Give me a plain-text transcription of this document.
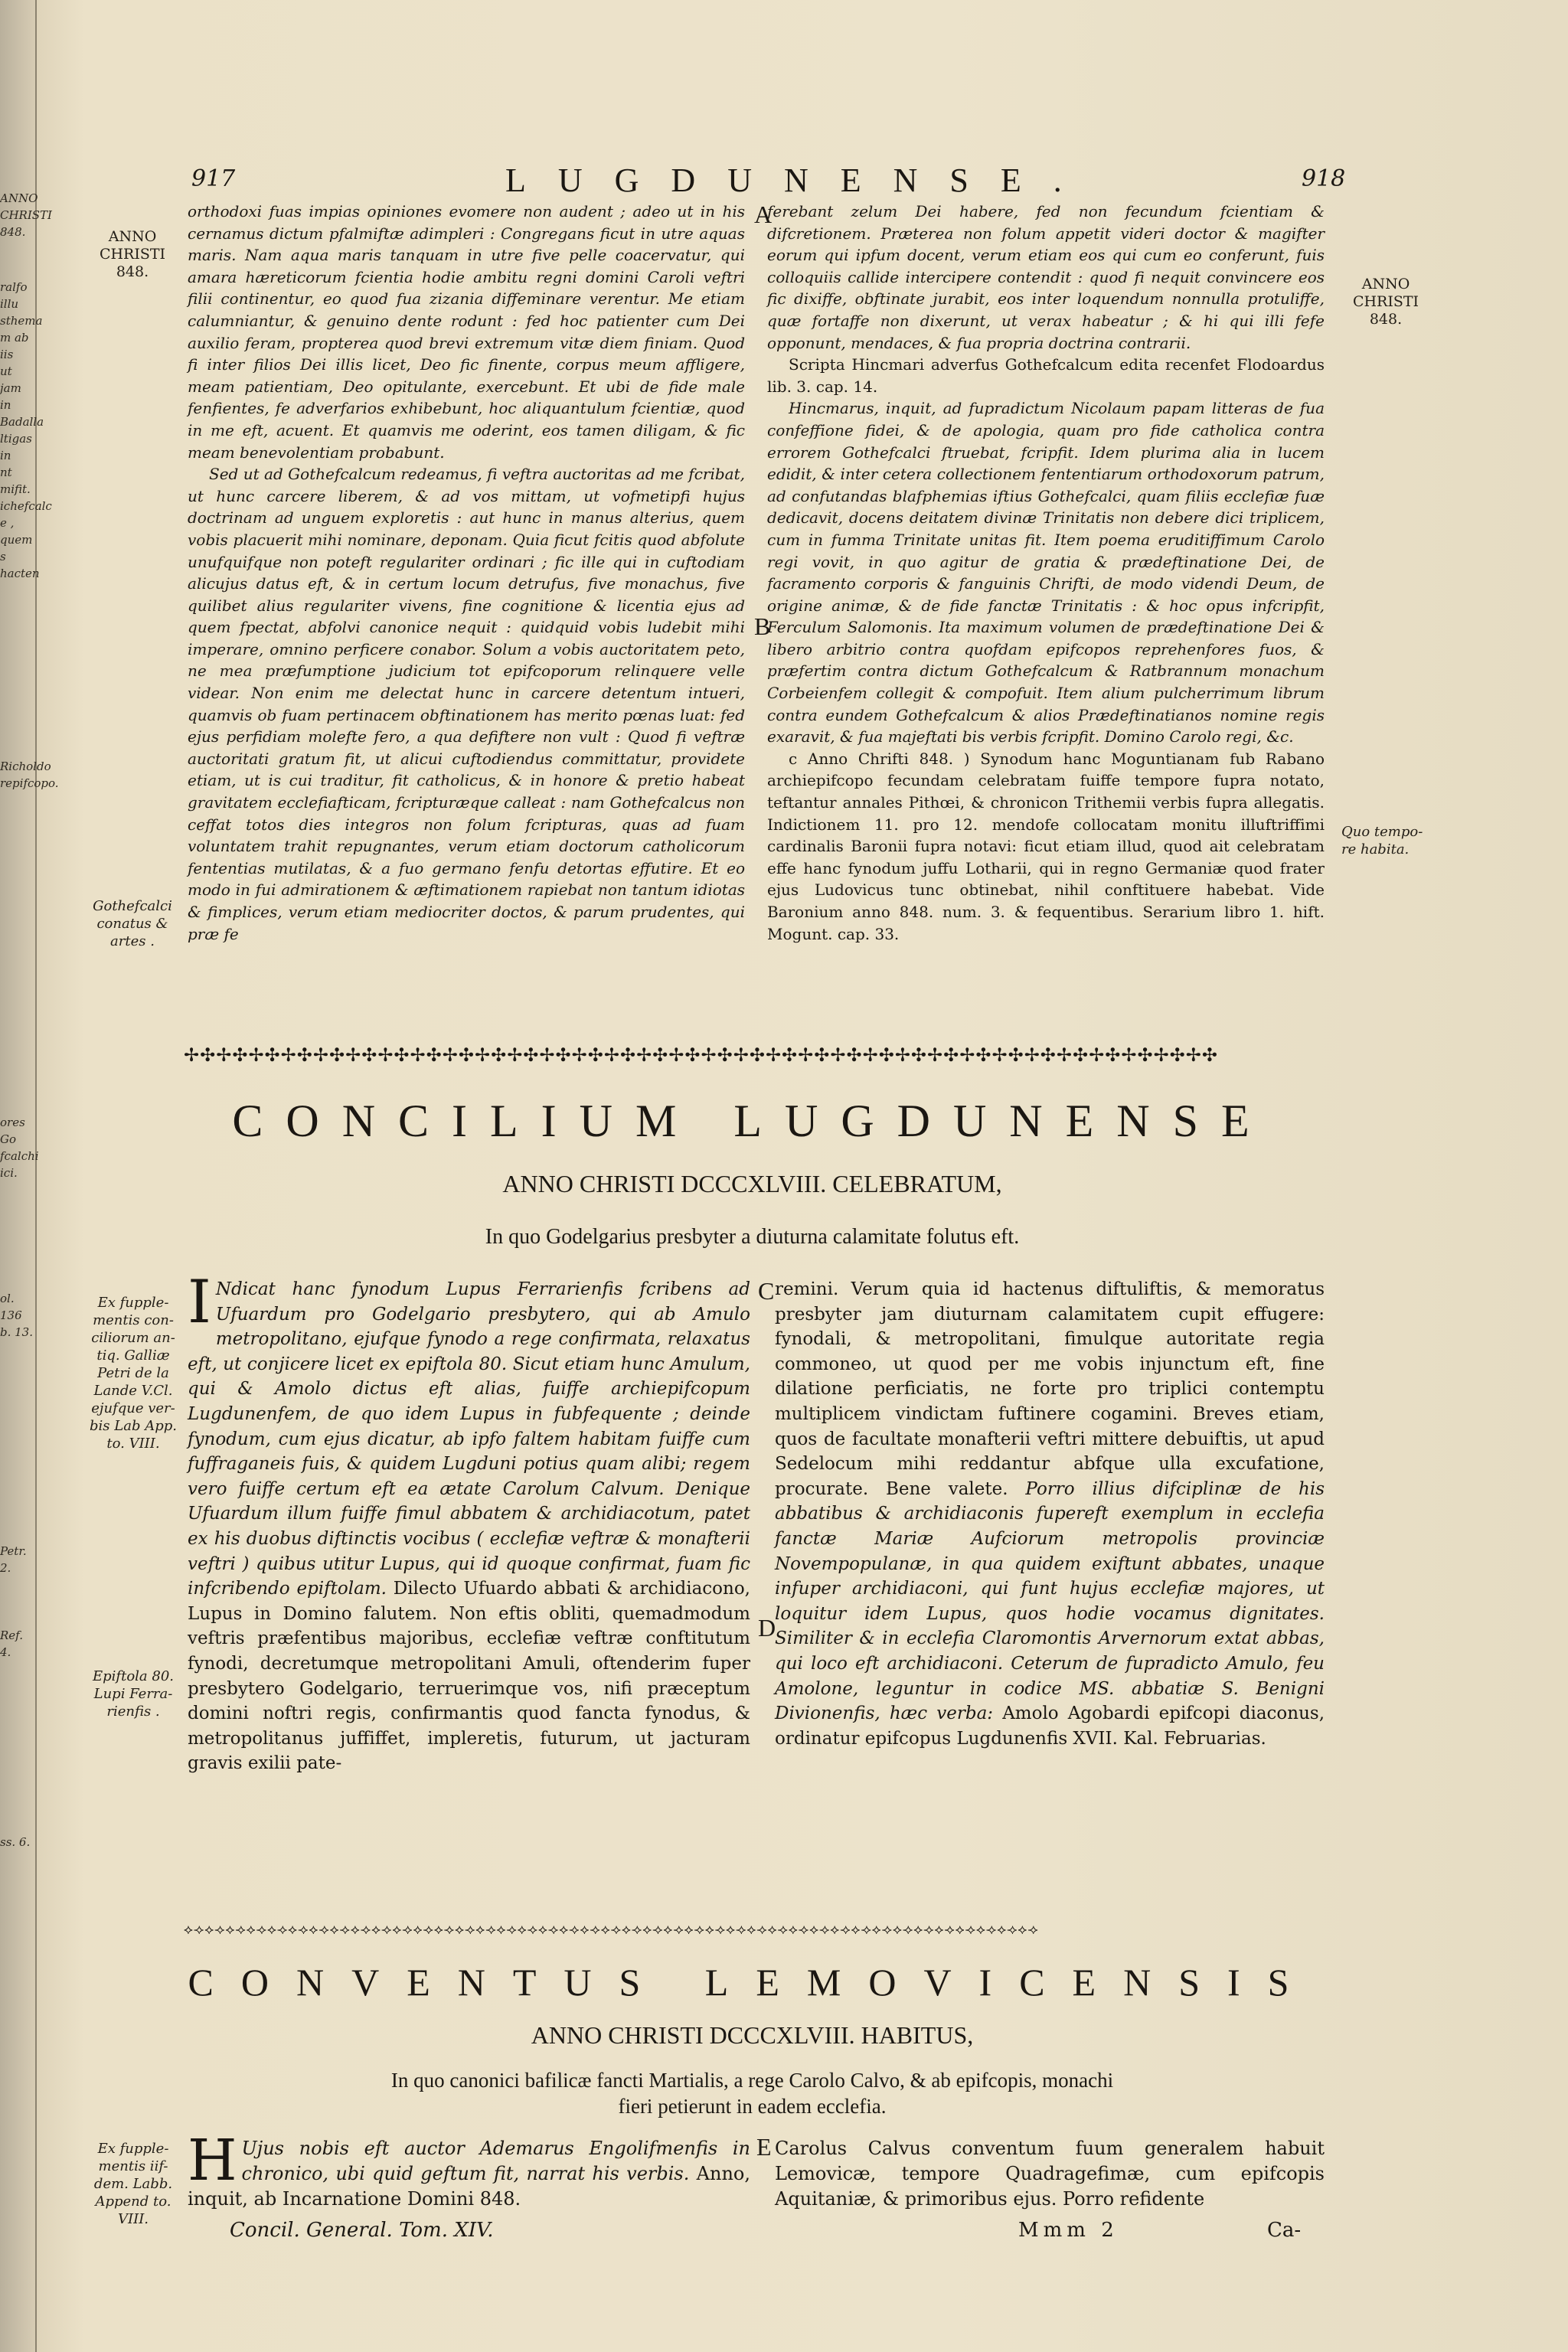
ANNO
CHRISTI
848.
ralfo illu
sthema
m ab iis
ut jam
in Badalla
ltigas in
nt mifit.
ichefcalc
e , quem
s hacten
Richoldo
repifcopo.
ores Go
fcalchi
ici.
ol. 136
b. 13.
Petr. 2.
Ref. 4.
ss. 6.
917	LUGDUNENSE.	918
ANNO
CHRISTI
848.
Gothefcalci
conatus &
artes .
ANNO
CHRISTI
848.
Quo tempo-
re habita.

orthodoxi fuas impias opiniones evomere non audent ; adeo ut in his cernamus dictum pfalmiftæ adimpleri : Congregans ficut in utre aquas maris. Nam aqua maris tanquam in utre five pelle coacervatur, qui amara hæreticorum fcientia hodie ambitu regni domini Caroli veftri filii continentur, eo quod fua zizania diffeminare verentur. Me etiam calumniantur, & genuino dente rodunt : fed hoc patienter cum Dei auxilio feram, propterea quod brevi extremum vitæ diem finiam. Quod fi inter filios Dei illis licet, Deo fic finente, corpus meum affligere, meam patientiam, Deo opitulante, exercebunt. Et ubi de fide male fenfientes, fe adverfarios exhibebunt, hoc aliquantulum fcientiæ, quod in me eft, acuent. Et quamvis me oderint, eos tamen diligam, & fic meam benevolentiam probabunt.

Sed ut ad Gothefcalcum redeamus, fi veftra auctoritas ad me fcribat, ut hunc carcere liberem, & ad vos mittam, ut vofmetipfi hujus doctrinam ad unguem exploretis : aut hunc in manus alterius, quem vobis placuerit mihi nominare, deponam. Quia ficut fcitis quod abfolute unufquifque non poteft regulariter ordinari ; fic ille qui in cuftodiam alicujus datus eft, & in certum locum detrufus, five monachus, five quilibet alius regulariter vivens, fine cognitione & licentia ejus ad quem fpectat, abfolvi canonice nequit : quidquid vobis ludebit mihi imperare, omnino perficere conabor. Solum a vobis auctoritatem peto, ne mea præfumptione judicium tot epifcoporum relinquere velle videar. Non enim me delectat hunc in carcere detentum intueri, quamvis ob fuam pertinacem obftinationem has merito pœnas luat: fed ejus perfidiam molefte fero, a qua defiftere non vult : Quod fi veftræ auctoritati gratum fit, ut alicui cuftodiendus committatur, providete etiam, ut is cui traditur, fit catholicus, & in honore & pretio habeat gravitatem ecclefiafticam, fcripturæque calleat : nam Gothefcalcus non ceffat totos dies integros non folum fcripturas, quas ad fuam voluntatem trahit repugnantes, verum etiam doctorum catholicorum fententias mutilatas, & a fuo germano fenfu detortas effutire. Et eo modo in fui admirationem & æftimationem rapiebat non tantum idiotas & fimplices, verum etiam mediocriter doctos, & parum prudentes, qui præ fe

ferebant zelum Dei habere, fed non fecundum fcientiam & difcretionem. Præterea non folum appetit videri doctor & magifter eorum qui ipfum docent, verum etiam eos qui cum eo conferunt, fuis colloquiis callide intercipere contendit : quod fi nequit convincere eos fic dixiffe, obftinate jurabit, eos inter loquendum nonnulla protuliffe, quæ fortaffe non dixerunt, ut verax habeatur ; & hi qui illi fefe opponunt, mendaces, & fua propria doctrina contrarii.

Scripta Hincmari adverfus Gothefcalcum edita recenfet Flodoardus lib. 3. cap. 14.

Hincmarus, inquit, ad fupradictum Nicolaum papam litteras de fua confeffione fidei, & de apologia, quam pro fide catholica contra errorem Gothefcalci ftruebat, fcripfit. Idem plurima alia in lucem edidit, & inter cetera collectionem fententiarum orthodoxorum patrum, ad confutandas blafphemias iftius Gothefcalci, quam filiis ecclefiæ fuæ dedicavit, docens deitatem divinæ Trinitatis non debere dici triplicem, cum in fumma Trinitate unitas fit. Item poema eruditiffimum Carolo regi vovit, in quo agitur de gratia & prædeftinatione Dei, de facramento corporis & fanguinis Chrifti, de modo videndi Deum, de origine animæ, & de fide fanctæ Trinitatis : & hoc opus infcripfit, Ferculum Salomonis. Ita maximum volumen de prædeftinatione Dei & libero arbitrio contra quofdam epifcopos reprehenfores fuos, & præfertim contra dictum Gothefcalcum & Ratbrannum monachum Corbeienfem collegit & compofuit. Item alium pulcherrimum librum contra eundem Gothefcalcum & alios Prædeftinatianos nomine regis exaravit, & fua majeftati bis verbis fcripfit. Domino Carolo regi, &c.

c Anno Chrifti 848. ) Synodum hanc Moguntianam fub Rabano archiepifcopo fecundam celebratam fuiffe tempore fupra notato, teftantur annales Pithœi, & chronicon Trithemii verbis fupra allegatis. Indictionem 11. pro 12. mendofe collocatam monitu illuftriffimi cardinalis Baronii fupra notavi: ficut etiam illud, quod ait celebratam effe hanc fynodum juffu Lotharii, qui in regno Germaniæ quod frater ejus Ludovicus tunc obtinebat, nihil conftituere habebat. Vide Baronium anno 848. num. 3. & fequentibus. Serarium libro 1. hift. Mogunt. cap. 33.

A
B
✢✣✢✣✢✣✢✣✢✣✢✣✢✣✢✣✢✣✢✣✢✣✢✣✢✣✢✣✢✣✢✣✢✣✢✣✢✣✢✣✢✣✢✣✢✣✢✣✢✣✢✣✢✣✢✣✢✣✢✣✢✣✢✣
CONCILIUM LUGDUNENSE
ANNO CHRISTI DCCCXLVIII. CELEBRATUM,
In quo Godelgarius presbyter a diuturna calamitate folutus eft.
Ex fupple-
mentis con-
ciliorum an-
tiq. Galliæ
Petri de la
Lande V.Cl.
ejufque ver-
bis Lab App.
to. VIII.
Epiftola 80.
Lupi Ferra-
rienfis .

I Ndicat hanc fynodum Lupus Ferrarienfis fcribens ad Ufuardum pro Godelgario presbytero, qui ab Amulo metropolitano, ejufque fynodo a rege confirmata, relaxatus eft, ut conjicere licet ex epiftola 80. Sicut etiam hunc Amulum, qui & Amolo dictus eft alias, fuiffe archiepifcopum Lugdunenfem, de quo idem Lupus in fubfequente ; deinde fynodum, cum ejus dicatur, ab ipfo faltem habitam fuiffe cum fuffraganeis fuis, & quidem Lugduni potius quam alibi; regem vero fuiffe certum eft ea ætate Carolum Calvum. Denique Ufuardum illum fuiffe fimul abbatem & archidiacotum, patet ex his duobus diftinctis vocibus ( ecclefiæ veftræ & monafterii veftri ) quibus utitur Lupus, qui id quoque confirmat, fuam fic infcribendo epiftolam. Dilecto Ufuardo abbati & archidiacono, Lupus in Domino falutem. Non eftis obliti, quemadmodum veftris præfentibus majoribus, ecclefiæ veftræ conftitutum fynodi, decretumque metropolitani Amuli, oftenderim fuper presbytero Godelgario, terruerimque vos, nifi præceptum domini noftri regis, confirmantis quod fancta fynodus, & metropolitanus juffiffet, impleretis, futurum, ut jacturam gravis exilii pate-

remini. Verum quia id hactenus diftuliftis, & memoratus presbyter jam diuturnam calamitatem cupit effugere: fynodali, & metropolitani, fimulque autoritate regia commoneo, ut quod per me vobis injunctum eft, fine dilatione perficiatis, ne forte pro triplici contemptu multiplicem vindictam fuftinere cogamini. Breves etiam, quos de facultate monafterii veftri mittere debuiftis, ut apud Sedelocum mihi reddantur abfque ulla excufatione, procurate. Bene valete. Porro illius difciplinæ de his abbatibus & archidiaconis fupereft exemplum in ecclefia fanctæ Mariæ Aufciorum metropolis provinciæ Novempopulanæ, in qua quidem exiftunt abbates, unaque infuper archidiaconi, qui funt hujus ecclefiæ majores, ut loquitur idem Lupus, quos hodie vocamus dignitates. Similiter & in ecclefia Claromontis Arvernorum extat abbas, qui loco eft archidiaconi. Ceterum de fupradicto Amulo, feu Amolone, leguntur in codice MS. abbatiæ S. Benigni Divionenfis, hæc verba: Amolo Agobardi epifcopi diaconus, ordinatur epifcopus Lugdunenfis XVII. Kal. Februarias.

C
D
⟡⟢⟡⟢⟡⟢⟡⟢⟡⟢⟡⟢⟡⟢⟡⟢⟡⟢⟡⟢⟡⟢⟡⟢⟡⟢⟡⟢⟡⟢⟡⟢⟡⟢⟡⟢⟡⟢⟡⟢⟡⟢⟡⟢⟡⟢⟡⟢⟡⟢⟡⟢⟡⟢⟡⟢⟡⟢⟡⟢⟡⟢⟡⟢⟡⟢⟡⟢⟡⟢⟡⟢⟡⟢⟡⟢⟡⟢⟡⟢⟡⟢
CONVENTUS LEMOVICENSIS
ANNO CHRISTI DCCCXLVIII. HABITUS,
In quo canonici bafilicæ fancti Martialis, a rege Carolo Calvo, & ab epifcopis, monachi
fieri petierunt in eadem ecclefia.
Ex fupple-
mentis iif-
dem. Labb.
Append to.
VIII.

H Ujus nobis eft auctor Ademarus Engolifmenfis in chronico, ubi quid geftum fit, narrat his verbis. Anno, inquit, ab Incarnatione Domini 848.

Carolus Calvus conventum fuum generalem habuit Lemovicæ, tempore Quadragefimæ, cum epifcopis Aquitaniæ, & primoribus ejus. Porro refidente

E
Concil. General. Tom. XIV.	Mmm 2	Ca-
